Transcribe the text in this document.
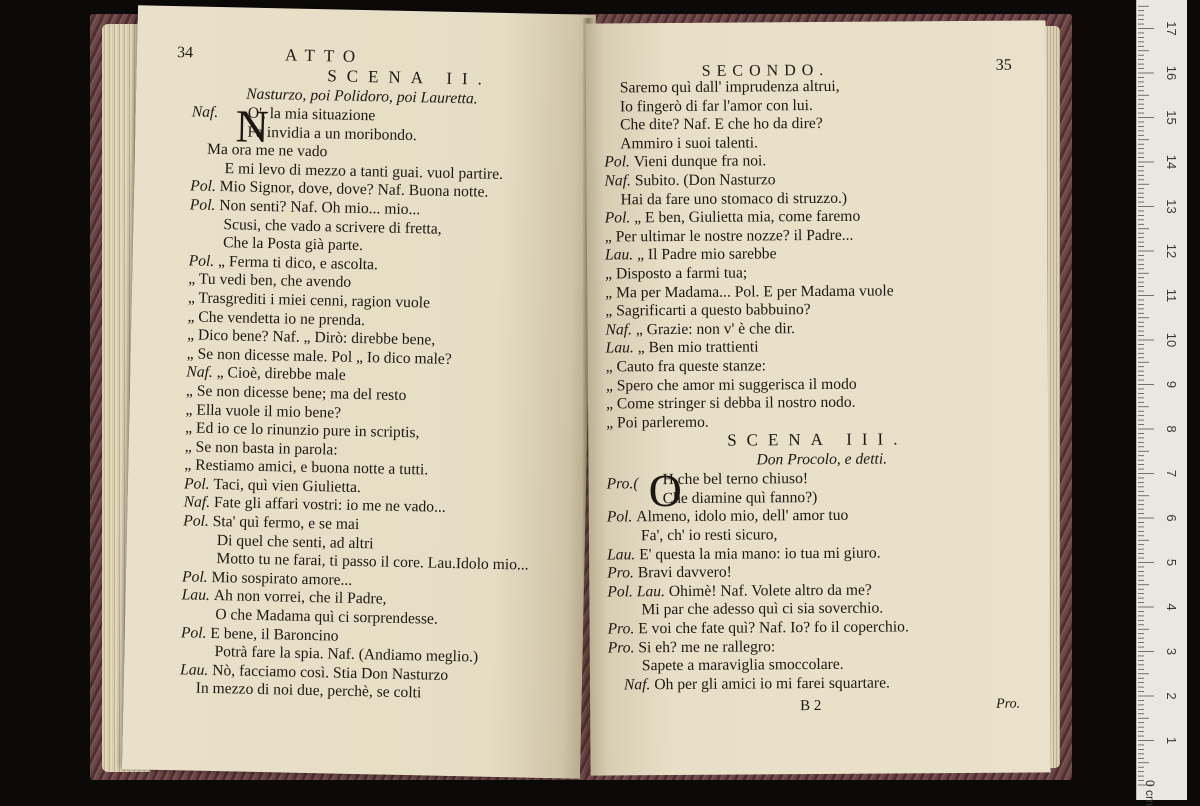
34	ATTO
SCENA II.
Nasturzo, poi Polidoro, poi Lauretta.
Naf. N
O', la mia situazione
Fa invidia a un moribondo.
Ma ora me ne vado
E mi levo di mezzo a tanti guai. vuol partire.
Pol. Mio Signor, dove, dove? Naf. Buona notte.
Pol. Non senti? Naf. Oh mio... mio...
Scusi, che vado a scrivere di fretta,
Che la Posta già parte.
Pol. „ Ferma ti dico, e ascolta.
„ Tu vedi ben, che avendo
„ Trasgrediti i miei cenni, ragion vuole
„ Che vendetta io ne prenda.
„ Dico bene? Naf. „ Dirò: direbbe bene,
„ Se non dicesse male. Pol „ Io dico male?
Naf. „ Cioè, direbbe male
„ Se non dicesse bene; ma del resto
„ Ella vuole il mio bene?
„ Ed io ce lo rinunzio pure in scriptis,
„ Se non basta in parola:
„ Restiamo amici, e buona notte a tutti.
Pol. Taci, quì vien Giulietta.
Naf. Fate gli affari vostri: io me ne vado...
Pol. Sta' quì fermo, e se mai
Di quel che senti, ad altri
Motto tu ne farai, ti passo il core. Lau.Idolo mio...
Pol. Mio sospirato amore...
Lau. Ah non vorrei, che il Padre,
O che Madama quì ci sorprendesse.
Pol. E bene, il Baroncino
Potrà fare la spia. Naf. (Andiamo meglio.)
Lau. Nò, facciamo così. Stia Don Nasturzo
In mezzo di noi due, perchè, se colti
SECONDO.	35
Saremo quì dall' imprudenza altrui,
Io fingerò di far l'amor con lui.
Che dite? Naf. E che ho da dire?
Ammiro i suoi talenti.
Pol. Vieni dunque fra noi.
Naf. Subito. (Don Nasturzo
Hai da fare uno stomaco di struzzo.)
Pol. „ E ben, Giulietta mia, come faremo
„ Per ultimar le nostre nozze? il Padre...
Lau. „ Il Padre mio sarebbe
„ Disposto a farmi tua;
„ Ma per Madama... Pol. E per Madama vuole
„ Sagrificarti a questo babbuino?
Naf. „ Grazie: non v' è che dir.
Lau. „ Ben mio trattienti
„ Cauto fra queste stanze:
„ Spero che amor mi suggerisca il modo
„ Come stringer si debba il nostro nodo.
„ Poi parleremo.
SCENA III.
Don Procolo, e detti.
Pro.( O
H che bel terno chiuso!
Che diamine quì fanno?)
Pol. Almeno, idolo mio, dell' amor tuo
Fa', ch' io resti sicuro,
Lau. E' questa la mia mano: io tua mi giuro.
Pro. Bravi davvero!
Pol. Lau. Ohimè! Naf. Volete altro da me?
Mi par che adesso quì ci sia soverchio.
Pro. E voi che fate quì? Naf. Io? fo il coperchio.
Pro. Si eh? me ne rallegro:
Sapete a maraviglia smoccolare.
Naf. Oh per gli amici io mi farei squartare.
B 2	Pro.
1
2
3
4
5
6
7
8
9
10
11
12
13
14
15
16
17
0 cm
